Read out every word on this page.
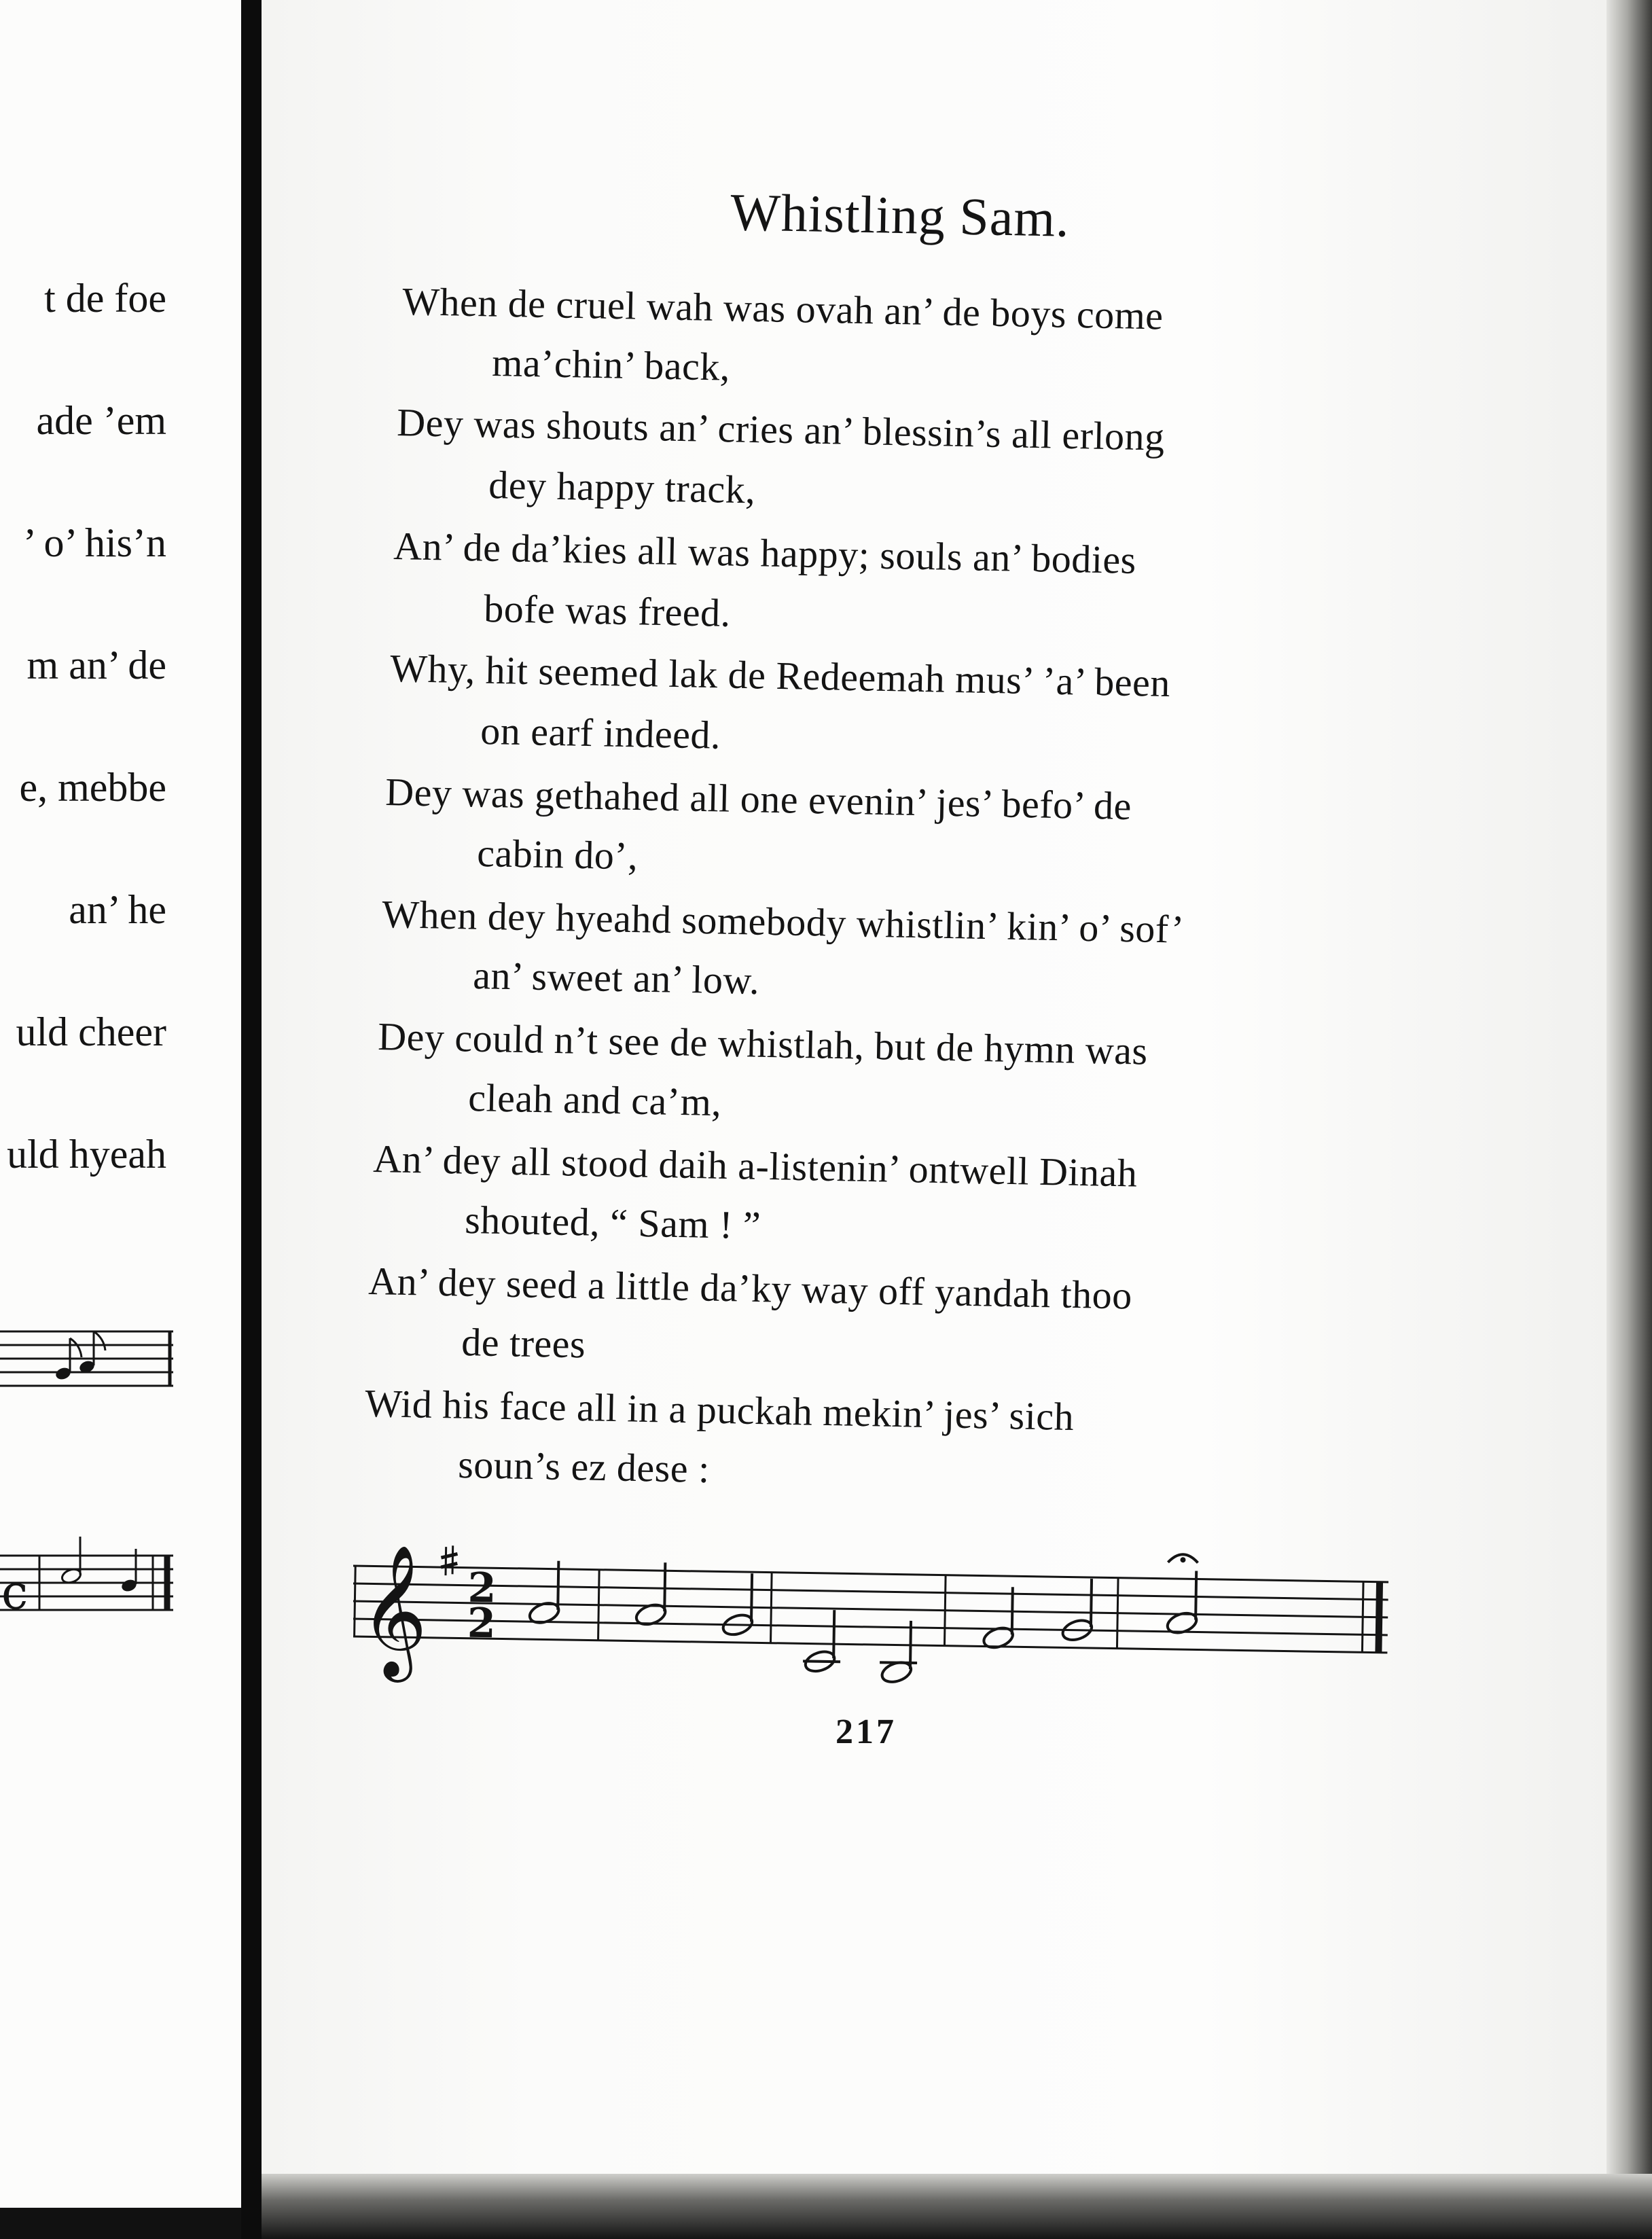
t de foe
ade ’em
’ o’ his’n
m an’ de
e, mebbe
an’ he
uld cheer
uld hyeah
c
Whistling Sam.
When de cruel wah was ovah an’ de boys come
ma’chin’ back,
Dey was shouts an’ cries an’ blessin’s all erlong
dey happy track,
An’ de da’kies all was happy; souls an’ bodies
bofe was freed.
Why, hit seemed lak de Redeemah mus’ ’a’ been
on earf indeed.
Dey was gethahed all one evenin’ jes’ befo’ de
cabin do’,
When dey hyeahd somebody whistlin’ kin’ o’ sof’
an’ sweet an’ low.
Dey could n’t see de whistlah, but de hymn was
cleah and ca’m,
An’ dey all stood daih a-listenin’ ontwell Dinah
shouted, “ Sam ! ”
An’ dey seed a little da’ky way off yandah thoo
de trees
Wid his face all in a puckah mekin’ jes’ sich
soun’s ez dese :
𝄞 2
2
217
